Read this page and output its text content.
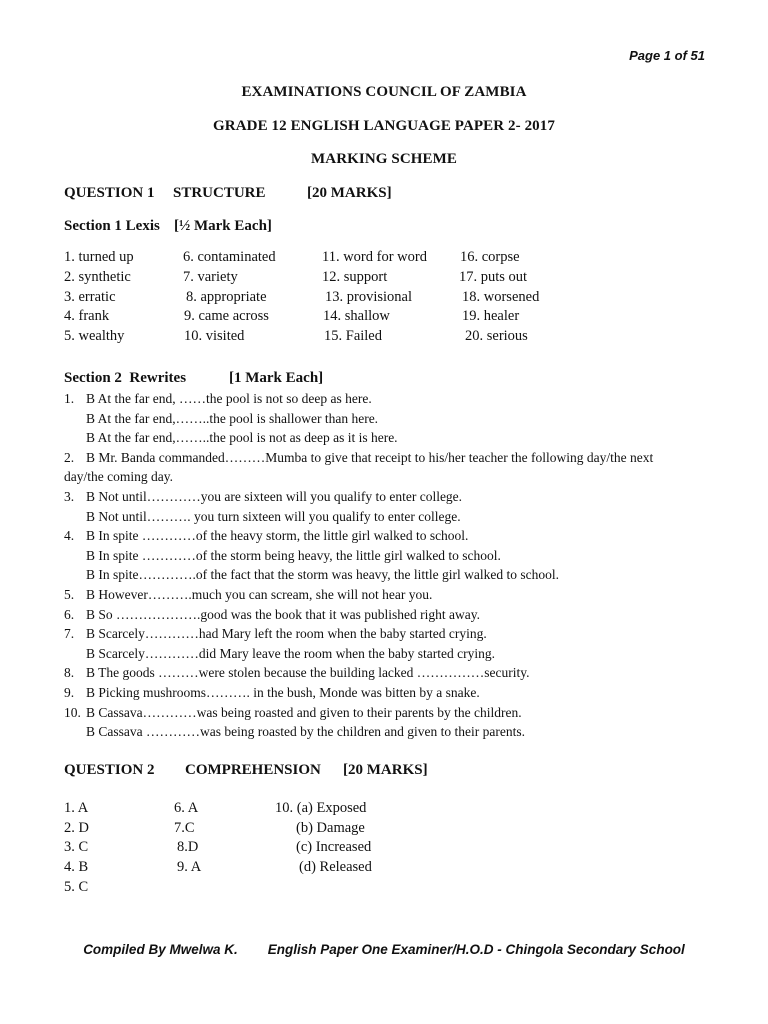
Page 1 of 51
EXAMINATIONS COUNCIL OF ZAMBIA
GRADE 12 ENGLISH LANGUAGE PAPER 2- 2017
MARKING SCHEME
QUESTION 1 STRUCTURE	[20 MARKS]
Section 1 Lexis [½ Mark Each]
1. turned up
2. synthetic
3. erratic
4. frank
5. wealthy
6. contaminated
7. variety
8. appropriate
9. came across
10. visited
11. word for word
12. support
13. provisional
14. shallow
15. Failed
16. corpse
17. puts out
18. worsened
19. healer
20. serious
Section 2  Rewrites	[1 Mark Each]
1. B At the far end, ……the pool is not so deep as here.
B At the far end,……..the pool is shallower than here.
B At the far end,……..the pool is not as deep as it is here.
2. B Mr. Banda commanded………Mumba to give that receipt to his/her teacher the following day/the next
day/the coming day.
3. B Not until…………you are sixteen will you qualify to enter college.
B Not until………. you turn sixteen will you qualify to enter college.
4. B In spite …………of the heavy storm, the little girl walked to school.
B In spite …………of the storm being heavy, the little girl walked to school.
B In spite………….of the fact that the storm was heavy, the little girl walked to school.
5. B However……….much you can scream, she will not hear you.
6. B So ……………….good was the book that it was published right away.
7. B Scarcely…………had Mary left the room when the baby started crying.
B Scarcely…………did Mary leave the room when the baby started crying.
8. B The goods ………were stolen because the building lacked ……………security.
9. B Picking mushrooms………. in the bush, Monde was bitten by a snake.
10. B Cassava…………was being roasted and given to their parents by the children.
B Cassava …………was being roasted by the children and given to their parents.
QUESTION 2 COMPREHENSION [20 MARKS]
1. A
2. D
3. C
4. B
5. C
6. A
7.C
8.D
9. A
10. (a) Exposed
(b) Damage
(c) Increased
(d) Released
Compiled By Mwelwa K.        English Paper One Examiner/H.O.D - Chingola Secondary School
